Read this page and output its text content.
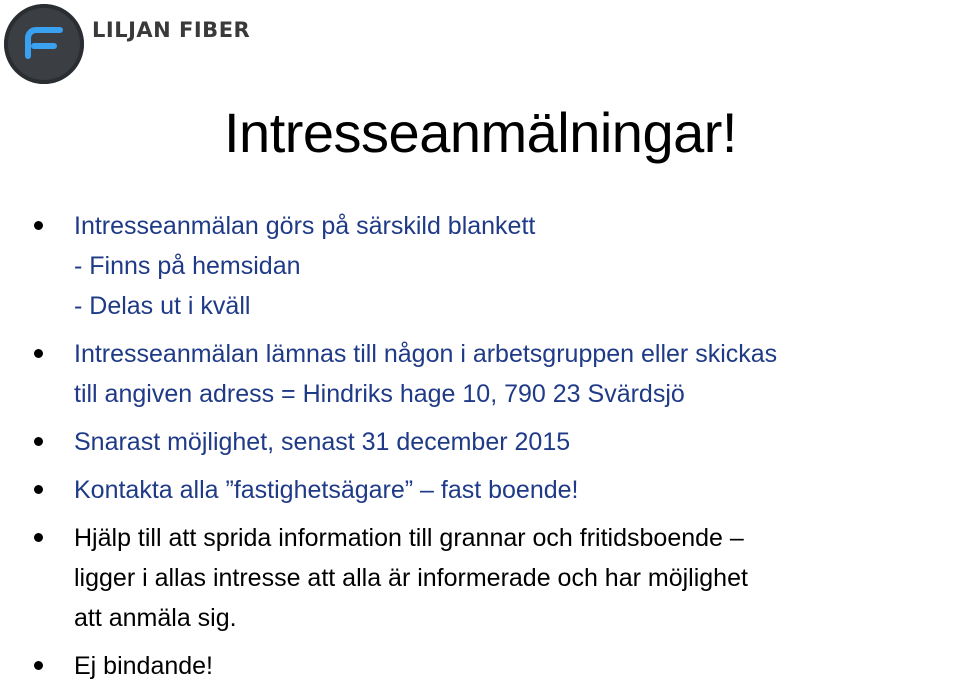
LILJAN FIBER
Intresseanmälningar!
Intresseanmälan görs på särskild blankett
- Finns på hemsidan
- Delas ut i kväll
Intresseanmälan lämnas till någon i arbetsgruppen eller skickas
till angiven adress = Hindriks hage 10, 790 23 Svärdsjö
Snarast möjlighet, senast 31 december 2015
Kontakta alla ”fastighetsägare” – fast boende!
Hjälp till att sprida information till grannar och fritidsboende –
ligger i allas intresse att alla är informerade och har möjlighet
att anmäla sig.
Ej bindande!
